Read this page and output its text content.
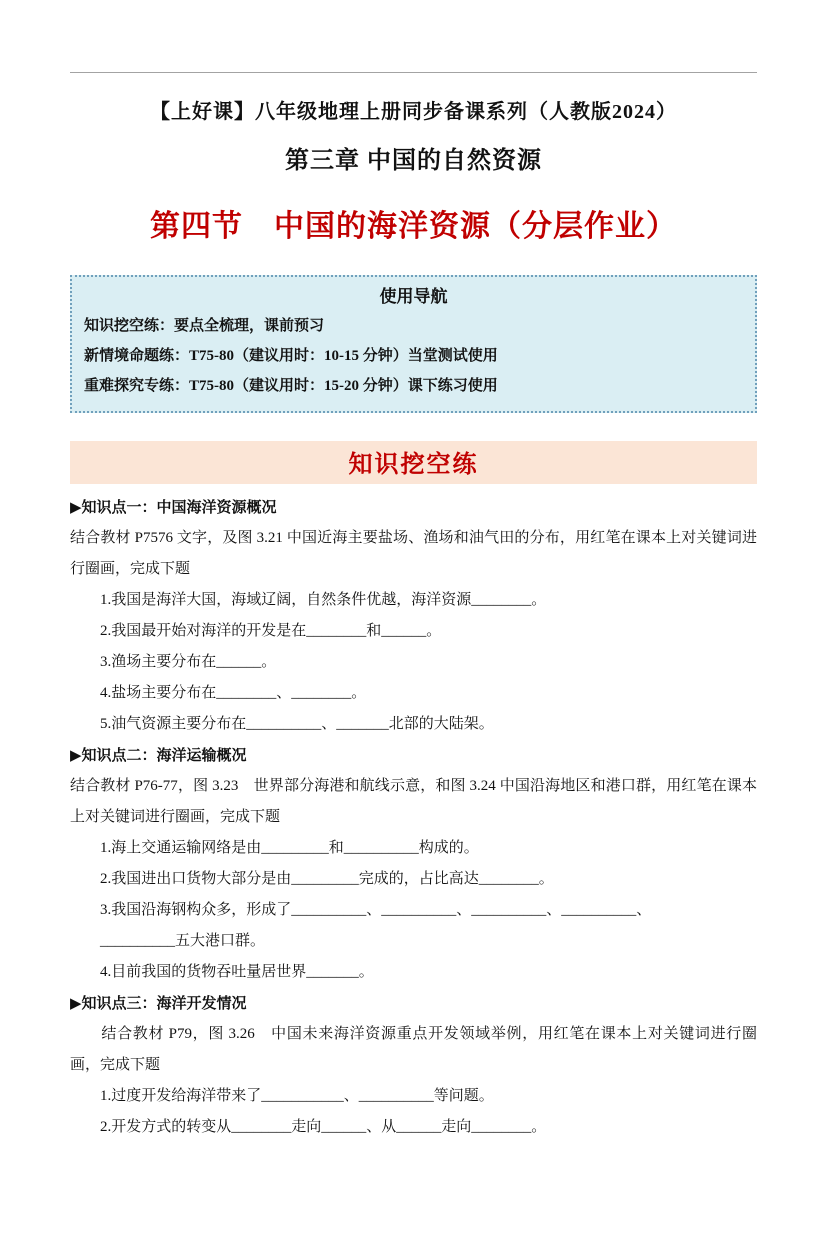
【上好课】八年级地理上册同步备课系列（人教版2024）
第三章 中国的自然资源
第四节　中国的海洋资源（分层作业）
使用导航
知识挖空练：要点全梳理，课前预习
新情境命题练：T75-80（建议用时：10-15 分钟）当堂测试使用
重难探究专练：T75-80（建议用时：15-20 分钟）课下练习使用
知识挖空练
▶知识点一：中国海洋资源概况
结合教材 P7576 文字，及图 3.21 中国近海主要盐场、渔场和油气田的分布，用红笔在课本上对关键词进行圈画，完成下题
1.我国是海洋大国，海域辽阔，自然条件优越，海洋资源________。
2.我国最开始对海洋的开发是在________和______。
3.渔场主要分布在______。
4.盐场主要分布在________、________。
5.油气资源主要分布在__________、_______北部的大陆架。
▶知识点二：海洋运输概况
结合教材 P76-77，图 3.23　世界部分海港和航线示意，和图 3.24 中国沿海地区和港口群，用红笔在课本上对关键词进行圈画，完成下题
1.海上交通运输网络是由_________和__________构成的。
2.我国进出口货物大部分是由_________完成的，占比高达________。
3.我国沿海钢构众多，形成了__________、__________、__________、__________、
__________五大港口群。
4.目前我国的货物吞吐量居世界_______。
▶知识点三：海洋开发情况
　　结合教材 P79，图 3.26　中国未来海洋资源重点开发领域举例，用红笔在课本上对关键词进行圈画，完成下题
1.过度开发给海洋带来了___________、__________等问题。
2.开发方式的转变从________走向______、从______走向________。
